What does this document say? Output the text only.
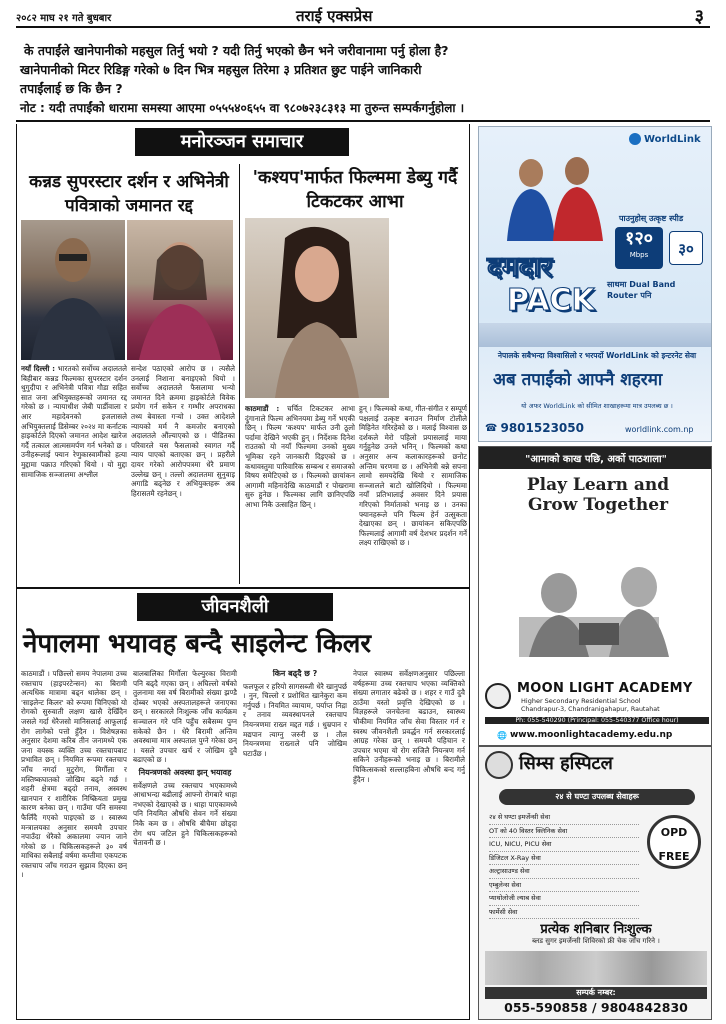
२०८२ माघ २१ गते बुधबार	तराई एक्सप्रेस	३
के तपाईंले खानेपानीको महसुल तिर्नु भयो ? यदी तिर्नु भएको छैन भने जरीवानामा पर्नु होला है?
खानेपानीको मिटर रिडिङ्ग गरेको ७ दिन भित्र महसुल तिरेमा ३ प्रतिशत छुट पाईने जानिकारी
तपाईंलाई छ कि छैन ?
नोट : यदी तपाईंको धारामा समस्या आएमा ०५५५४०६५५ वा ९८०७२३८३१३ मा तुरुन्त सम्पर्कगर्नुहोला ।
मनोरञ्जन समाचार
कन्नड सुपरस्टार दर्शन र अभिनेत्री पवित्राको जमानत रद्द
नयाँ दिल्ली : भारतको सर्वोच्च अदालतले बिहीबार कन्नड फिल्मका सुपरस्टार दर्शन थुगुदीपा र अभिनेत्री पवित्रा गौडा सहित सात जना अभियुक्तहरूको जमानत रद्द गरेको छ । न्यायाधीश जेबी पार्डीवाला र आर महादेवनको इजलासले अभियुक्तलाई डिसेम्बर २०२४ मा कर्नाटक हाइकोर्टले दिएको जमानत आदेश खारेज गर्दै तत्काल आत्मसमर्पण गर्न भनेको छ । उनीहरूलाई फ्यान रेणुकास्वामीको हत्या मुद्दामा पक्राउ गरिएको थियो । यो मुद्दा सामाजिक सञ्जालमा अश्लील
सन्देश पठाएको आरोप छ । त्यसैले उनलाई निशाना बनाइएको थियो । सर्वोच्च अदालतले फैसलामा भन्यो जमानत दिने क्रममा हाइकोर्टले विवेक प्रयोग गर्न सकेन र गम्भीर अपराधका तथ्य बेवास्ता गर्‍यो । उक्त आदेशले न्यायको मर्म नै कमजोर बनाएको अदालतले औंल्याएको छ । पीडितका परिवारले यस फैसलाको स्वागत गर्दै न्याय पाएको बताएका छन् । प्रहरीले दायर गरेको आरोपपत्रमा धेरै प्रमाण उल्लेख छन् । तल्लो अदालतमा सुनुवाइ अगाडि बढ्नेछ र अभियुक्तहरू अब हिरासतमै रहनेछन् ।
'कश्यप'मार्फत फिल्ममा डेब्यु गर्दै टिकटकर आभा
काठमाडौं : चर्चित टिकटकर आभा दुंगानाले फिल्म अभिनयमा डेब्यु गर्ने भएकी छिन् । फिल्म 'कश्यप' मार्फत उनी ठूलो पर्दामा देखिने भएकी हुन् । निर्देशक दिनेश राउतको यो नयाँ फिल्ममा उनको मुख्य भूमिका रहने जानकारी दिइएको छ । कथावस्तुमा पारिवारिक सम्बन्ध र समाजको विषय समेटिएको छ । फिल्मको छायांकन आगामी महिनादेखि काठमाडौं र पोखरामा सुरु हुनेछ । फिल्मका लागि छानिएपछि आभा निकै उत्साहित छिन् ।
हुन् । फिल्मको कथा, गीत-संगीत र सम्पूर्ण पक्षलाई उत्कृष्ट बनाउन निर्माण टोलीले मिहिनेत गरिरहेको छ । मलाई विश्वास छ दर्शकले मेरो पहिलो प्रयासलाई माया गर्नुहुनेछ उनले भनिन् । फिल्मको कथा अनुसार अन्य कलाकारहरूको छनोट अन्तिम चरणमा छ । अभिनेत्री बन्ने सपना लामो समयदेखि थियो र सामाजिक सञ्जालले बाटो खोलिदियो । फिल्ममा नयाँ प्रतिभालाई अवसर दिने प्रयास गरिएको निर्माताको भनाइ छ । उनका फ्यानहरूले पनि फिल्म हेर्न उत्सुकता देखाएका छन् । छायांकन सकिएपछि फिल्मलाई आगामी वर्ष देशभर प्रदर्शन गर्ने लक्ष्य राखिएको छ ।
जीवनशैली
नेपालमा भयावह बन्दै साइलेन्ट किलर
काठमाडौं । पछिल्लो समय नेपालमा उच्च रक्तचाप (हाइपरटेन्सन) का बिरामी अत्यधिक मात्रामा बढ्न थालेका छन् । 'साइलेन्ट किलर' को रूपमा चिनिएको यो रोगको सुरुवाती लक्षण खासै देखिँदैन जसले गर्दा धेरैजसो मानिसलाई आफूलाई रोग लागेको पत्तो हुँदैन । विशेषज्ञका अनुसार देशमा करिब तीन जनामध्ये एक जना वयस्क व्यक्ति उच्च रक्तचापबाट प्रभावित छन् । नियमित रूपमा रक्तचाप जाँच नगर्दा मुटुरोग, मिर्गौला र मस्तिष्कघातको जोखिम बढ्ने गर्छ । शहरी क्षेत्रमा बढ्दो तनाव, अस्वस्थ खानपान र शारीरिक निष्क्रियता प्रमुख कारण बनेका छन् । गाउँमा पनि समस्या फैलिँदै गएको पाइएको छ । स्वास्थ्य मन्त्रालयका अनुसार समयमै उपचार नपाउँदा धेरैको अकालमा ज्यान जाने गरेको छ । चिकित्सकहरूले ३० वर्ष माथिका सबैलाई वर्षमा कम्तीमा एकपटक रक्तचाप जाँच गराउन सुझाव दिएका छन् ।
बालबालिका मिर्गौला फेल्युरका विरामी पनि बढ्दै गएका छन् । अघिल्लो वर्षको तुलनामा यस वर्ष बिरामीको संख्या झण्डै दोब्बर भएको अस्पतालहरूले जनाएका छन् । सरकारले निःशुल्क जाँच कार्यक्रम सञ्चालन गरे पनि पहुँच सबैसम्म पुग्न सकेको छैन । धेरै बिरामी अन्तिम अवस्थामा मात्र अस्पताल पुग्ने गरेका छन् । यसले उपचार खर्च र जोखिम दुवै बढाएको छ ।

नियन्त्रणको अवस्था झन् भयावह
सर्वेक्षणले उच्च रक्तचाप भएकामध्ये आधाभन्दा बढीलाई आफ्नो रोगबारे थाहा नभएको देखाएको छ । थाहा पाएकामध्ये पनि नियमित औषधि सेवन गर्ने संख्या निकै कम छ । औषधि बीचैमा छोड्दा रोग थप जटिल हुने चिकित्सकहरूको चेतावनी छ ।
किन बढ्दै छ ?
फलफूल र हरियो सागसब्जी धेरै खानुपर्छ । नुन, चिल्लो र प्रशोधित खानेकुरा कम गर्नुपर्छ । नियमित व्यायाम, पर्याप्त निद्रा र तनाव व्यवस्थापनले रक्तचाप नियन्त्रणमा राख्न मद्दत गर्छ । धुम्रपान र मद्यपान त्याग्नु जरुरी छ । तौल नियन्त्रणमा राख्नाले पनि जोखिम घटाउँछ ।
नेपाल स्वास्थ्य सर्वेक्षणअनुसार पछिल्ला वर्षहरूमा उच्च रक्तचाप भएका व्यक्तिको संख्या लगातार बढेको छ । शहर र गाउँ दुवै ठाउँमा यस्तो प्रवृत्ति देखिएको छ । विज्ञहरूले जनचेतना बढाउन, स्वास्थ्य चौकीमा नियमित जाँच सेवा विस्तार गर्न र स्वस्थ जीवनशैली प्रवर्द्धन गर्न सरकारलाई आग्रह गरेका छन् । समयमै पहिचान र उपचार भएमा यो रोग सजिलै नियन्त्रण गर्न सकिने उनीहरूको भनाइ छ । बिरामीले चिकित्सकको सल्लाहबिना औषधि बन्द गर्नु हुँदैन ।
WorldLink
पाउनुहोस् उत्कृष्ट स्पीड
१२०
Mbps	३०
दमदार
PACK साथमा Dual Band Router पनि
नेपालके सबैभन्दा विश्वासिलो र भरपर्दो WorldLink को इन्टरनेट सेवा
अब तपाईंको आफ्नै शहरमा
यो अफर WorldLink को सीमित शाखाहरूमा मात्र उपलब्ध छ ।
☎ 9801523050	worldlink.com.np
"आमाको काख पछि, अर्को पाठशाला"
Play Learn and Grow Together
MOON LIGHT ACADEMY
Higher Secondary Residential School
Chandrapur-3, Chandranigahapur, Rautahat
Ph: 055-540290 (Principal: 055-540377 Office hour)
🌐 www.moonlightacademy.edu.np
सिम्स हस्पिटल
२४ से घण्टा उपलब्ध सेवाहरू
२४ से घण्टा इमर्जेन्सी सेवा
OT को 40 विस्तर क्लिनिक सेवा
ICU, NICU, PICU सेवा
डिजिटल X-Ray सेवा
अल्ट्रासाउण्ड सेवा
एम्बुलेन्स सेवा
प्याथोलोजी ल्याब सेवा
फार्मेसी सेवा
OPD FREE
प्रत्येक शनिबार निःशुल्क
ब्लड सुगर इमर्जेन्सी शिविरको फ्री चेक जाँच गरिने ।
सम्पर्क नम्बर:
055-590858 / 9804842830
